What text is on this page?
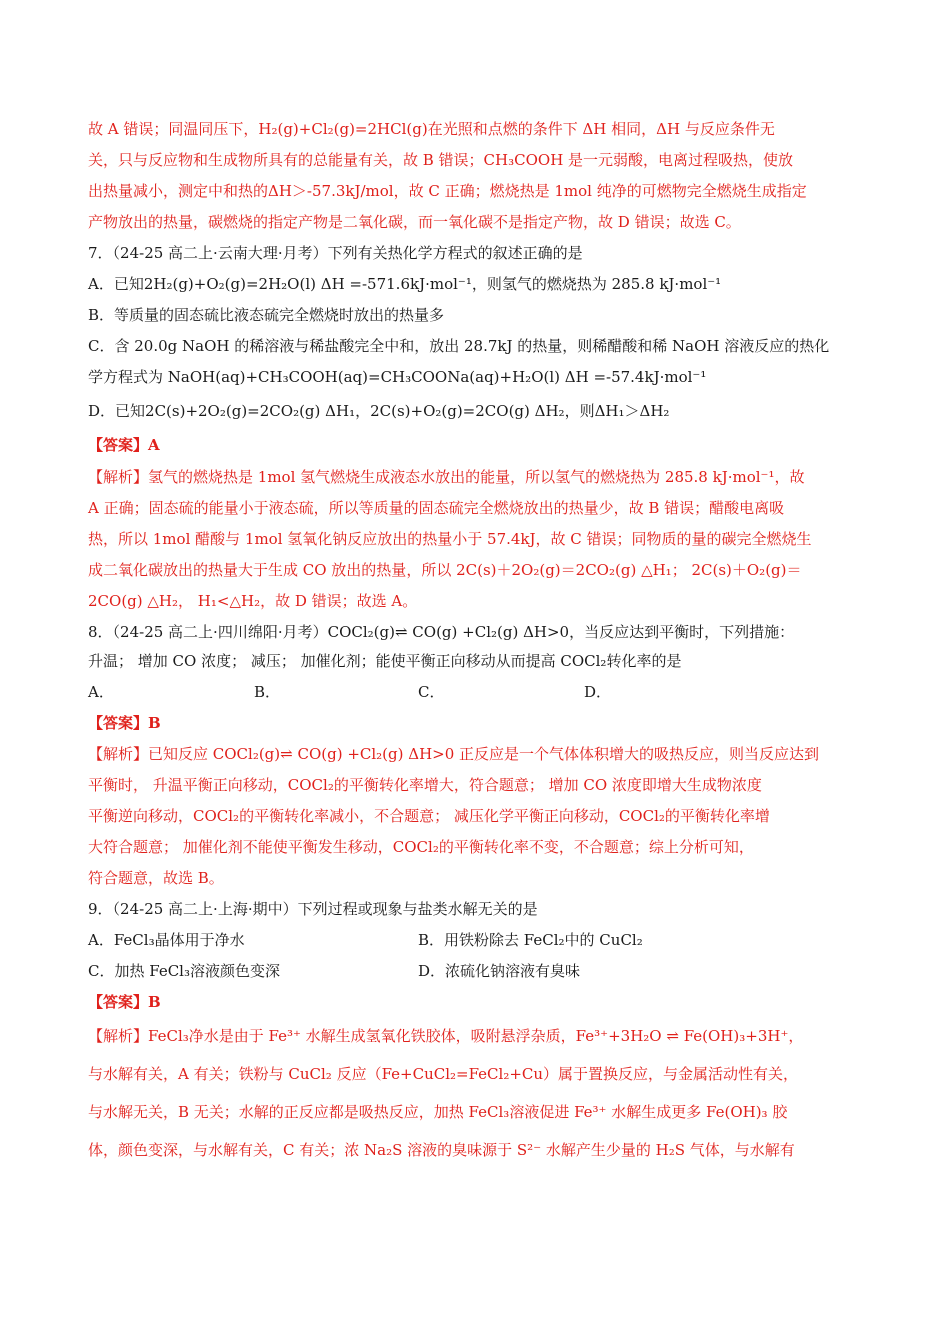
故 A 错误；同温同压下，H₂(g)+Cl₂(g)=2HCl(g)在光照和点燃的条件下 ΔH 相同，ΔH 与反应条件无

关，只与反应物和生成物所具有的总能量有关，故 B 错误；CH₃COOH 是一元弱酸，电离过程吸热，使放

出热量减小，测定中和热的ΔH＞-57.3kJ/mol，故 C 正确；燃烧热是 1mol 纯净的可燃物完全燃烧生成指定

产物放出的热量，碳燃烧的指定产物是二氧化碳，而一氧化碳不是指定产物，故 D 错误；故选 C。

7．（24-25 高二上·云南大理·月考）下列有关热化学方程式的叙述正确的是

A．已知2H₂(g)+O₂(g)=2H₂O(l) ΔH =-571.6kJ·mol⁻¹，则氢气的燃烧热为 285.8 kJ·mol⁻¹

B．等质量的固态硫比液态硫完全燃烧时放出的热量多

C．含 20.0g NaOH 的稀溶液与稀盐酸完全中和，放出 28.7kJ 的热量，则稀醋酸和稀 NaOH 溶液反应的热化

学方程式为 NaOH(aq)+CH₃COOH(aq)=CH₃COONa(aq)+H₂O(l) ΔH =-57.4kJ·mol⁻¹

D．已知2C(s)+2O₂(g)=2CO₂(g) ΔH₁，2C(s)+O₂(g)=2CO(g) ΔH₂，则ΔH₁＞ΔH₂

【答案】A

【解析】氢气的燃烧热是 1mol 氢气燃烧生成液态水放出的能量，所以氢气的燃烧热为 285.8 kJ·mol⁻¹，故

A 正确；固态硫的能量小于液态硫，所以等质量的固态硫完全燃烧放出的热量少，故 B 错误；醋酸电离吸

热，所以 1mol 醋酸与 1mol 氢氧化钠反应放出的热量小于 57.4kJ，故 C 错误；同物质的量的碳完全燃烧生

成二氧化碳放出的热量大于生成 CO 放出的热量，所以 2C(s)＋2O₂(g)＝2CO₂(g) △H₁； 2C(s)＋O₂(g)＝

2CO(g) △H₂， H₁<△H₂，故 D 错误；故选 A。

8．（24-25 高二上·四川绵阳·月考）COCl₂(g)⇌ CO(g) +Cl₂(g) ΔH>0，当反应达到平衡时，下列措施：

升温； 增加 CO 浓度； 减压； 加催化剂；能使平衡正向移动从而提高 COCl₂转化率的是

A．	B．	C．	D．

【答案】B

【解析】已知反应 COCl₂(g)⇌ CO(g) +Cl₂(g) ΔH>0 正反应是一个气体体积增大的吸热反应，则当反应达到

平衡时， 升温平衡正向移动，COCl₂的平衡转化率增大，符合题意； 增加 CO 浓度即增大生成物浓度

平衡逆向移动，COCl₂的平衡转化率减小，不合题意； 减压化学平衡正向移动，COCl₂的平衡转化率增

大符合题意； 加催化剂不能使平衡发生移动，COCl₂的平衡转化率不变，不合题意；综上分析可知，

符合题意，故选 B。

9．（24-25 高二上·上海·期中）下列过程或现象与盐类水解无关的是

A．FeCl₃晶体用于净水	B．用铁粉除去 FeCl₂中的 CuCl₂
C．加热 FeCl₃溶液颜色变深	D．浓硫化钠溶液有臭味

【答案】B

【解析】FeCl₃净水是由于 Fe³⁺ 水解生成氢氧化铁胶体，吸附悬浮杂质，Fe³⁺+3H₂O ⇌ Fe(OH)₃+3H⁺，

与水解有关，A 有关；铁粉与 CuCl₂ 反应（Fe+CuCl₂=FeCl₂+Cu）属于置换反应，与金属活动性有关，

与水解无关，B 无关；水解的正反应都是吸热反应，加热 FeCl₃溶液促进 Fe³⁺ 水解生成更多 Fe(OH)₃ 胶

体，颜色变深，与水解有关，C 有关；浓 Na₂S 溶液的臭味源于 S²⁻ 水解产生少量的 H₂S 气体，与水解有
